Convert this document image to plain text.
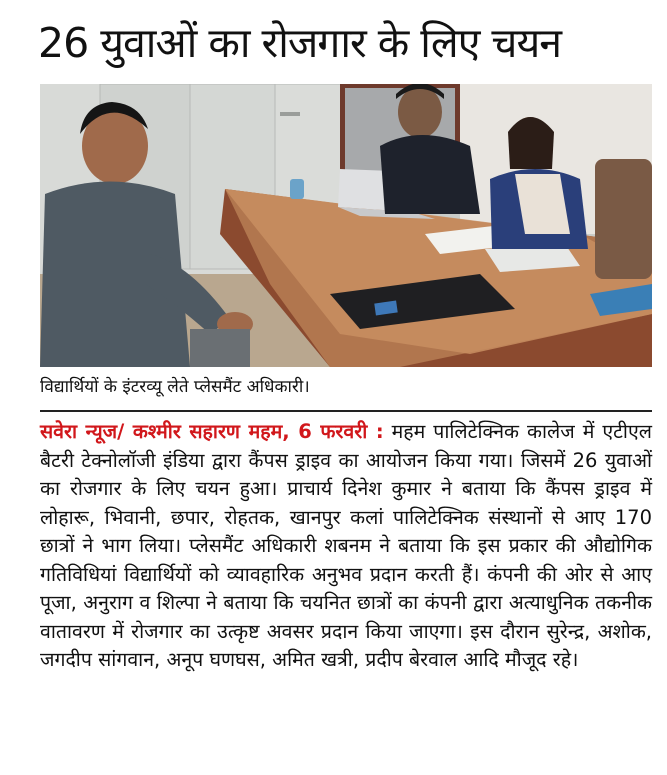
26 युवाओं का रोजगार के लिए चयन
विद्यार्थियों के इंटरव्यू लेते प्लेसमैंट अधिकारी।
सवेरा न्यूज/ कश्मीर सहारण महम, 6 फरवरी : महम पालिटेक्निक कालेज में एटीएल बैटरी टेक्नोलॉजी इंडिया द्वारा कैंपस ड्राइव का आयोजन किया गया। जिसमें 26 युवाओं का रोजगार के लिए चयन हुआ। प्राचार्य दिनेश कुमार ने बताया कि कैंपस ड्राइव में लोहारू, भिवानी, छपार, रोहतक, खानपुर कलां पालिटेक्निक संस्थानों से आए 170 छात्रों ने भाग लिया। प्लेसमैंट अधिकारी शबनम ने बताया कि इस प्रकार की औद्योगिक गतिविधियां विद्यार्थियों को व्यावहारिक अनुभव प्रदान करती हैं। कंपनी की ओर से आए पूजा, अनुराग व शिल्पा ने बताया कि चयनित छात्रों का कंपनी द्वारा अत्याधुनिक तकनीक वातावरण में रोजगार का उत्कृष्ट अवसर प्रदान किया जाएगा। इस दौरान सुरेन्द्र, अशोक, जगदीप सांगवान, अनूप घणघस, अमित खत्री, प्रदीप बेरवाल आदि मौजूद रहे।
